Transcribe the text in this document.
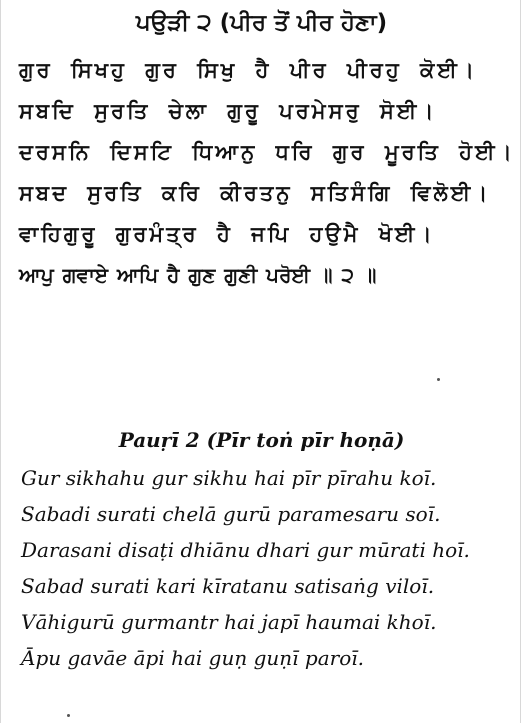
ਪਉੜੀ ੨ (ਪੀਰ ਤੋਂ ਪੀਰ ਹੋਣਾ)
ਗੁਰ ਸਿਖਹੁ ਗੁਰ ਸਿਖੁ ਹੈ ਪੀਰ ਪੀਰਹੁ ਕੋਈ।
ਸਬਦਿ ਸੁਰਤਿ ਚੇਲਾ ਗੁਰੂ ਪਰਮੇਸਰੁ ਸੋਈ।
ਦਰਸਨਿ ਦਿਸਟਿ ਧਿਆਨੁ ਧਰਿ ਗੁਰ ਮੂਰਤਿ ਹੋਈ।
ਸਬਦ ਸੁਰਤਿ ਕਰਿ ਕੀਰਤਨੁ ਸਤਿਸੰਗਿ ਵਿਲੋਈ।
ਵਾਹਿਗੁਰੂ ਗੁਰਮੰਤ੍ਰ ਹੈ ਜਪਿ ਹਉਮੈ ਖੋਈ।
ਆਪੁ ਗਵਾਏ ਆਪਿ ਹੈ ਗੁਣ ਗੁਣੀ ਪਰੋਈ ॥ ੨ ॥
Pauṛī 2 (Pīr toṅ pīr hoṇā)
Gur sikhahu gur sikhu hai pīr pīrahu koī.
Sabadi surati chelā gurū paramesaru soī.
Darasani disaṭi dhiānu dhari gur mūrati hoī.
Sabad surati kari kīratanu satisaṅg viloī.
Vāhigurū gurmantr hai japī haumai khoī.
Āpu gavāe āpi hai guṇ guṇī paroī.
